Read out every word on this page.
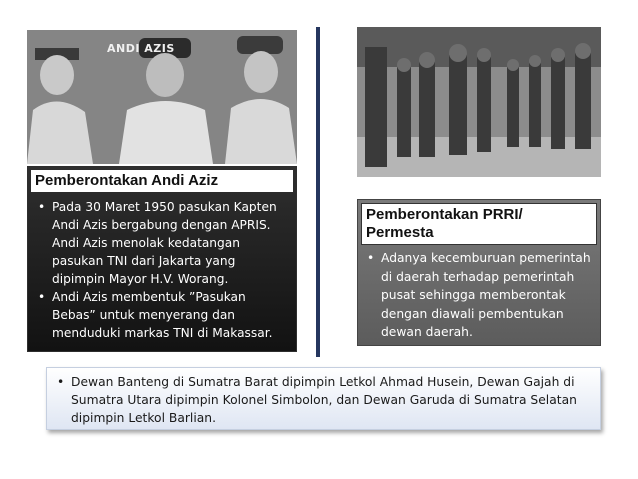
ANDI AZIS
Pemberontakan Andi Aziz
• Pada 30 Maret 1950 pasukan Kapten Andi Azis bergabung dengan APRIS. Andi Azis menolak kedatangan pasukan TNI dari Jakarta yang dipimpin Mayor H.V. Worang.
• Andi Azis membentuk ”Pasukan Bebas” untuk menyerang dan menduduki markas TNI di Makassar.
Pemberontakan PRRI/ Permesta
• Adanya kecemburuan pemerintah di daerah terhadap pemerintah pusat sehingga memberontak dengan diawali pembentukan dewan daerah.
• Dewan Banteng di Sumatra Barat dipimpin Letkol Ahmad Husein, Dewan Gajah di Sumatra Utara dipimpin Kolonel Simbolon, dan Dewan Garuda di Sumatra Selatan dipimpin Letkol Barlian.
